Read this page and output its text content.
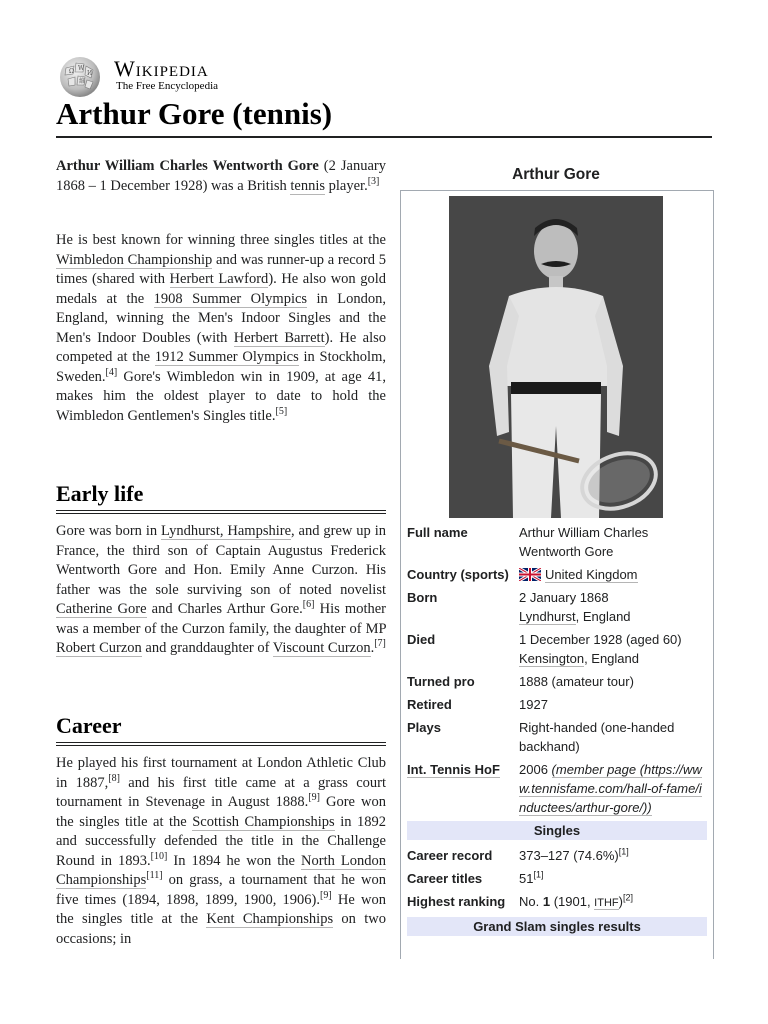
Ω W
И
維
Wikipedia
The Free Encyclopedia
Arthur Gore (tennis)

Arthur William Charles Wentworth Gore (2 January 1868 – 1 December 1928) was a British tennis player.[3]

He is best known for winning three singles titles at the Wimbledon Championship and was runner-up a record 5 times (shared with Herbert Lawford). He also won gold medals at the 1908 Summer Olympics in London, England, winning the Men's Indoor Singles and the Men's Indoor Doubles (with Herbert Barrett). He also competed at the 1912 Summer Olympics in Stockholm, Sweden.[4] Gore's Wimbledon win in 1909, at age 41, makes him the oldest player to date to hold the Wimbledon Gentlemen's Singles title.[5]

Early life

Gore was born in Lyndhurst, Hampshire, and grew up in France, the third son of Captain Augustus Frederick Wentworth Gore and Hon. Emily Anne Curzon. His father was the sole surviving son of noted novelist Catherine Gore and Charles Arthur Gore.[6] His mother was a member of the Curzon family, the daughter of MP Robert Curzon and granddaughter of Viscount Curzon.[7]

Career

He played his first tournament at London Athletic Club in 1887,[8] and his first title came at a grass court tournament in Stevenage in August 1888.[9] Gore won the singles title at the Scottish Championships in 1892 and successfully defended the title in the Challenge Round in 1893.[10] In 1894 he won the North London Championships[11] on grass, a tournament that he won five times (1894, 1898, 1899, 1900, 1906).[9] He won the singles title at the Kent Championships on two occasions; in

Arthur Gore
Full name	Arthur William Charles Wentworth Gore
Country (sports)	United Kingdom
Born	2 January 1868
Lyndhurst, England
Died	1 December 1928 (aged 60)
Kensington, England
Turned pro	1888 (amateur tour)
Retired	1927
Plays	Right-handed (one-handed backhand)
Int. Tennis HoF	2006 (member page (https://www.tennisfame.com/hall-of-fame/inductees/arthur-gore/))
Singles
Career record	373–127 (74.6%)[1]
Career titles	51[1]
Highest ranking	No. 1 (1901, ITHF)[2]
Grand Slam singles results
